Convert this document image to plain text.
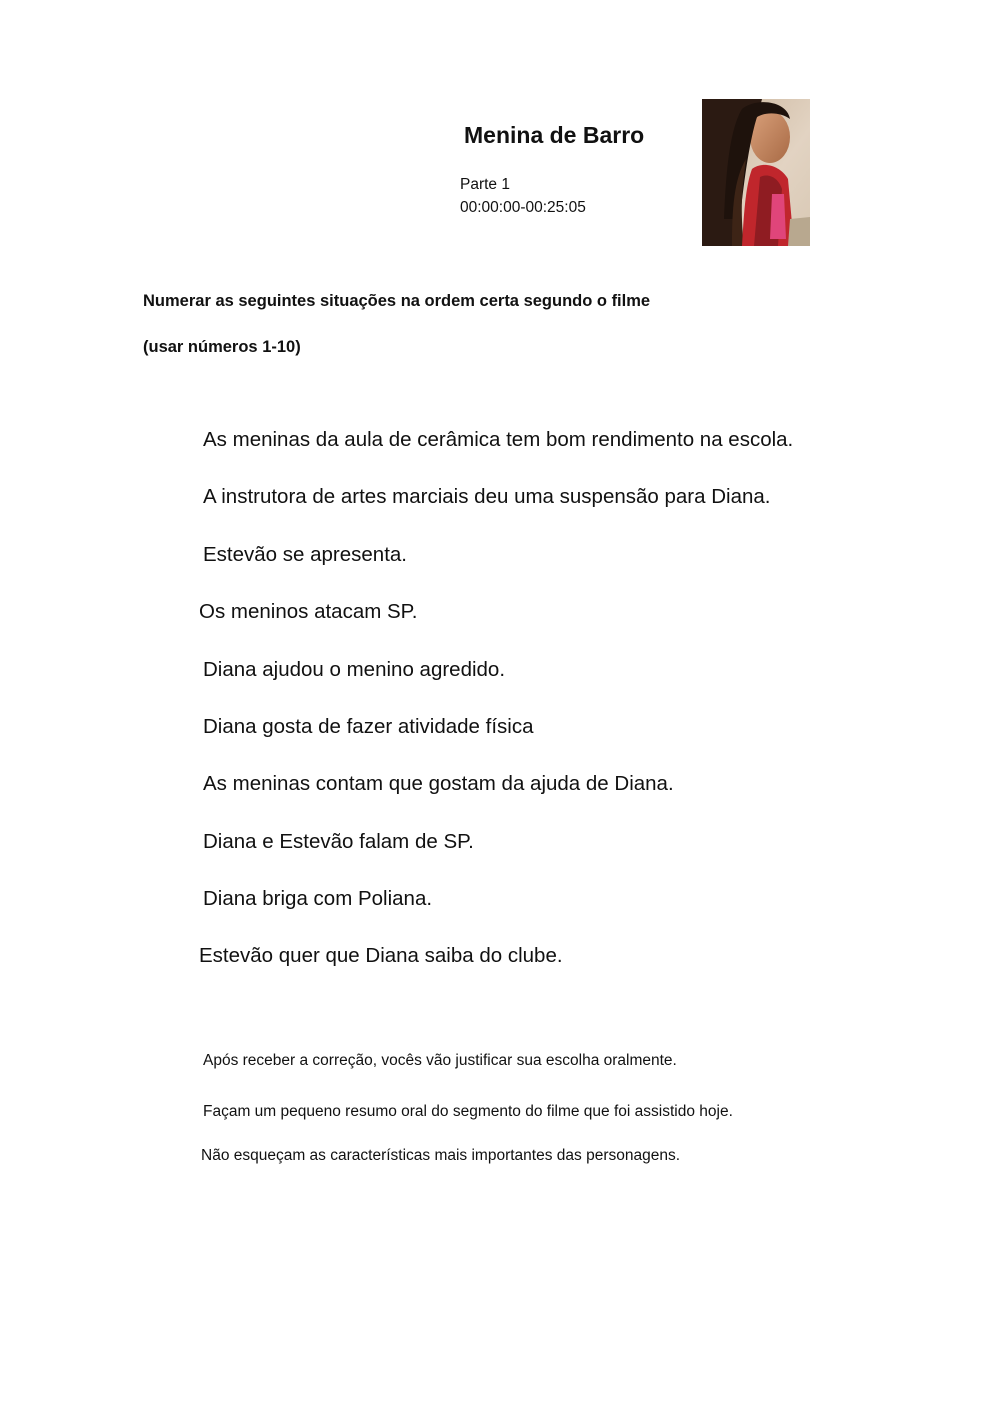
Menina de Barro
Parte 1
00:00:00-00:25:05
Numerar as seguintes situações na ordem certa segundo o filme
(usar números 1-10)
As meninas da aula de cerâmica tem bom rendimento na escola.
A instrutora de artes marciais deu uma suspensão para Diana.
Estevão se apresenta.
Os meninos atacam SP.
Diana ajudou o menino agredido.
Diana gosta de fazer atividade física
As meninas contam que gostam da ajuda de Diana.
Diana e Estevão falam de SP.
Diana briga com Poliana.
Estevão quer que Diana saiba do clube.
Após receber a correção, vocês vão justificar sua escolha oralmente.
Façam um pequeno resumo oral do segmento do filme que foi assistido hoje.
Não esqueçam as características mais importantes das personagens.
